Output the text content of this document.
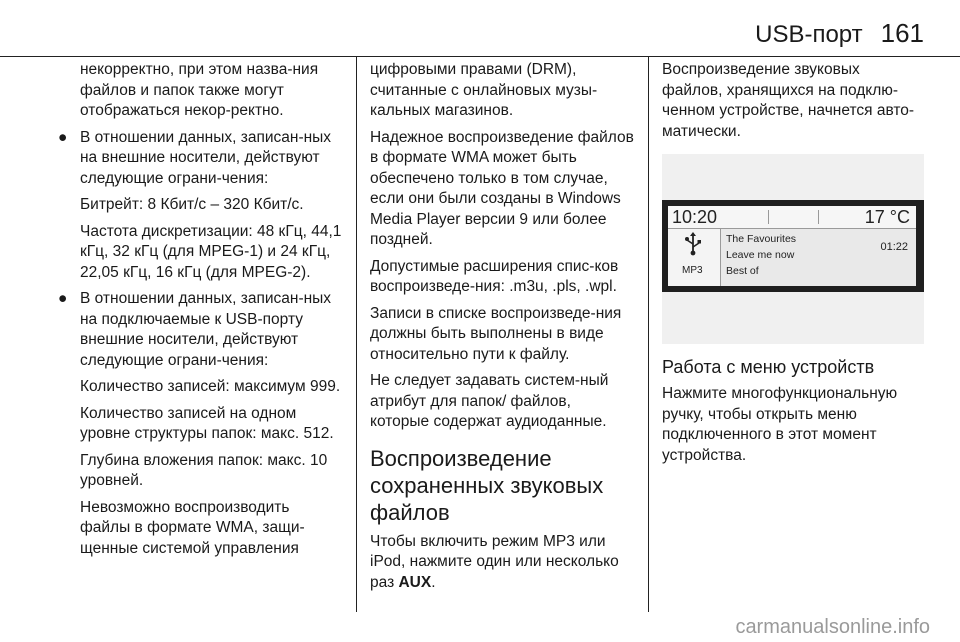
USB-порт 161

некорректно, при этом назва-ния файлов и папок также могут отображаться некор-ректно.

● В отношении данных, записан-ных на внешние носители, действуют следующие ограни-чения:

Битрейт: 8 Кбит/с – 320 Кбит/с.

Частота дискретизации: 48 кГц, 44,1 кГц, 32 кГц (для MPEG-1) и 24 кГц, 22,05 кГц, 16 кГц (для MPEG-2).

● В отношении данных, записан-ных на подключаемые к USB-порту внешние носители, действуют следующие ограни-чения:

Количество записей: максимум 999.

Количество записей на одном уровне структуры папок: макс. 512.

Глубина вложения папок: макс. 10 уровней.

Невозможно воспроизводить файлы в формате WMA, защи-щенные системой управления

цифровыми правами (DRM), считанные с онлайновых музы-кальных магазинов.

Надежное воспроизведение файлов в формате WMA может быть обеспечено только в том случае, если они были созданы в Windows Media Player версии 9 или более поздней.

Допустимые расширения спис-ков воспроизведе-ния: .m3u, .pls, .wpl.

Записи в списке воспроизведе-ния должны быть выполнены в виде относительно пути к файлу.

Не следует задавать систем-ный атрибут для папок/ файлов, которые содержат аудиоданные.

Воспроизведение сохраненных звуковых файлов

Чтобы включить режим MP3 или iPod, нажмите один или несколько раз AUX.

Воспроизведение звуковых файлов, хранящихся на подклю-ченном устройстве, начнется авто-матически.

10:20	17 °C
MP3
The Favourites
Leave me now
Best of
01:22
Работа с меню устройств

Нажмите многофункциональную ручку, чтобы открыть меню подключенного в этот момент устройства.

carmanualsonline.info
